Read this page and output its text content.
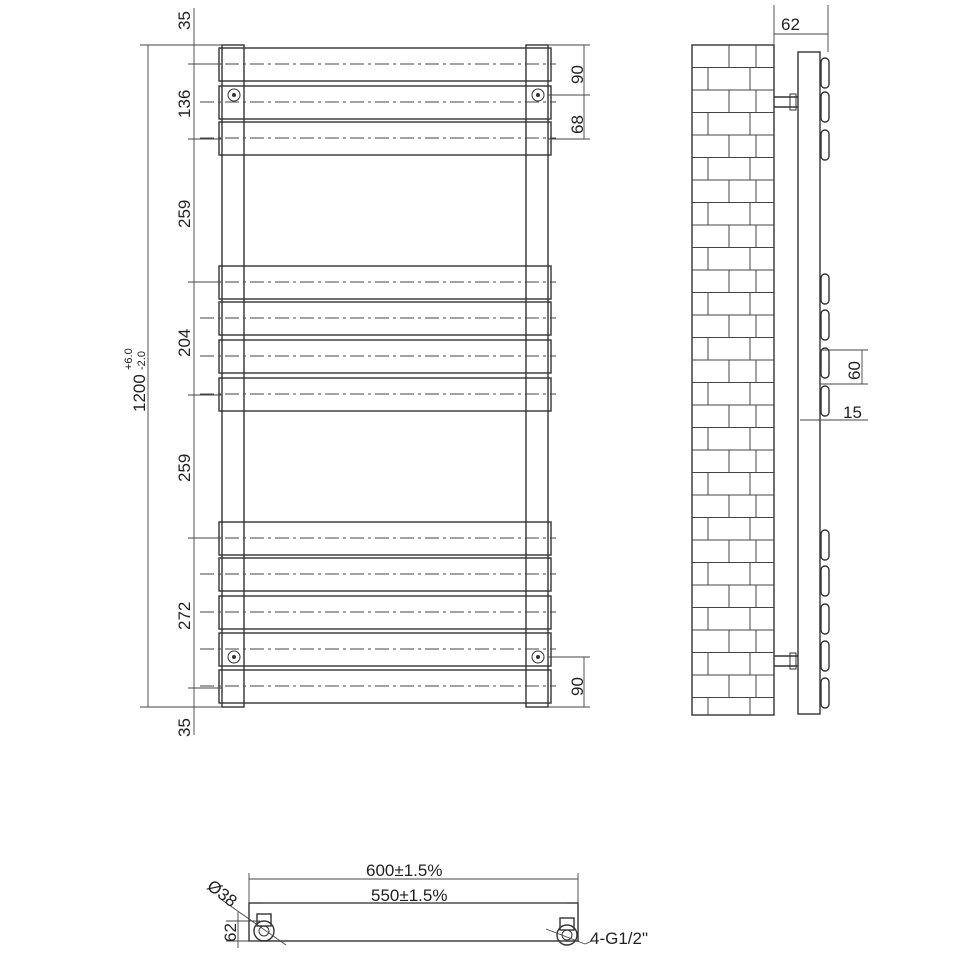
1200
+6.0 -2.0
35
136
259
204
259
272
35
90
68
90
62
60
15
600±1.5%
550±1.5%
Ø38
62	4-G1/2"
